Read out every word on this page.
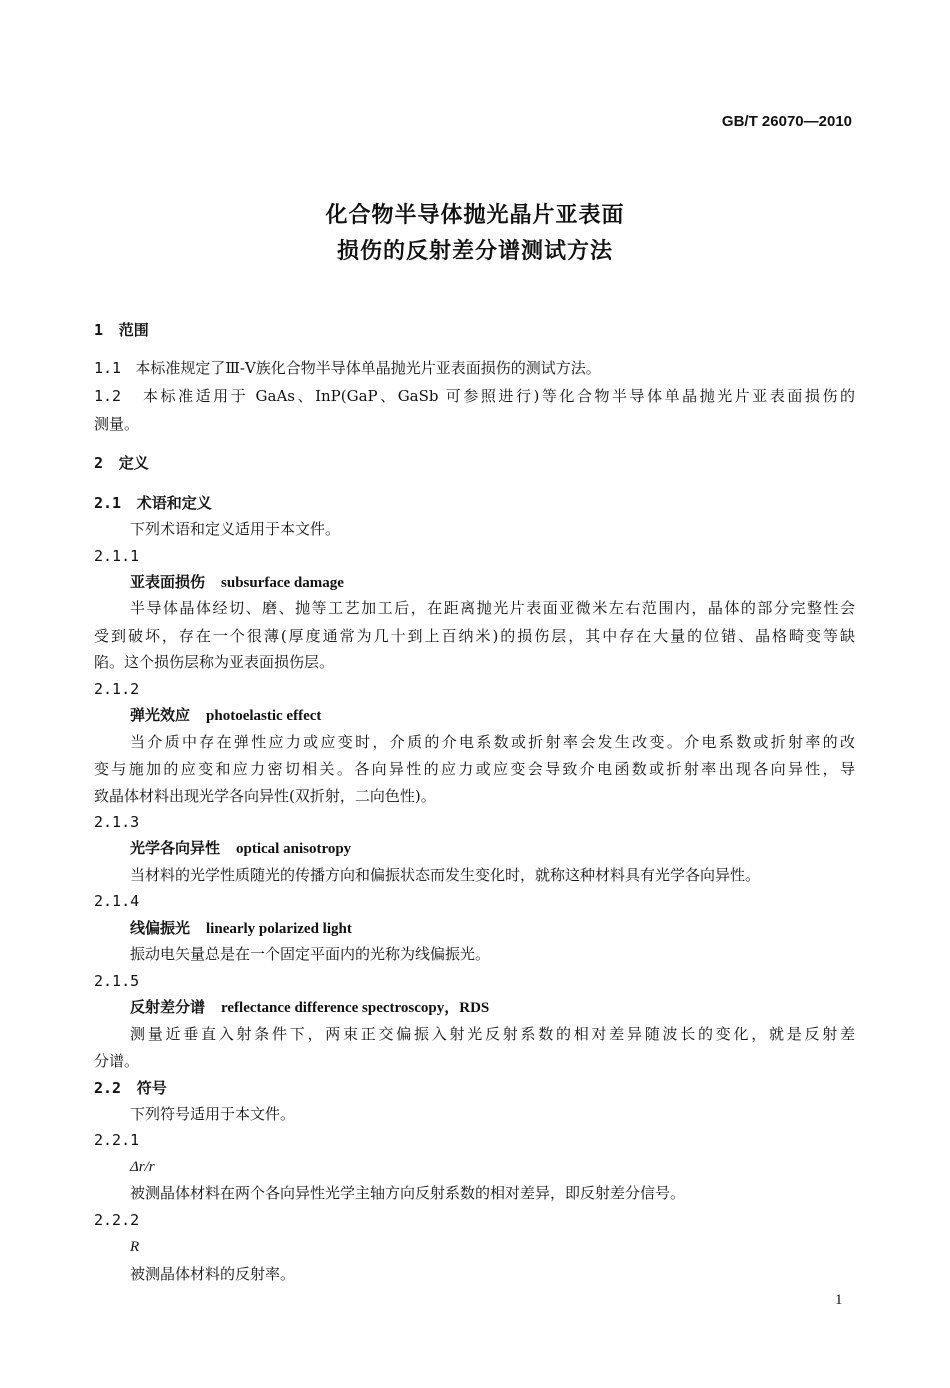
GB/T 26070—2010
化合物半导体抛光晶片亚表面
损伤的反射差分谱测试方法
1 范围
1.1 本标准规定了Ⅲ-Ⅴ族化合物半导体单晶抛光片亚表面损伤的测试方法。
1.2 本标准适用于 GaAs、InP(GaP、GaSb 可参照进行)等化合物半导体单晶抛光片亚表面损伤的
测量。
2 定义
2.1 术语和定义
下列术语和定义适用于本文件。
2.1.1
亚表面损伤 subsurface damage
半导体晶体经切、磨、抛等工艺加工后，在距离抛光片表面亚微米左右范围内，晶体的部分完整性会
受到破坏，存在一个很薄(厚度通常为几十到上百纳米)的损伤层，其中存在大量的位错、晶格畸变等缺
陷。这个损伤层称为亚表面损伤层。
2.1.2
弹光效应 photoelastic effect
当介质中存在弹性应力或应变时，介质的介电系数或折射率会发生改变。介电系数或折射率的改
变与施加的应变和应力密切相关。各向异性的应力或应变会导致介电函数或折射率出现各向异性，导
致晶体材料出现光学各向异性(双折射，二向色性)。
2.1.3
光学各向异性 optical anisotropy
当材料的光学性质随光的传播方向和偏振状态而发生变化时，就称这种材料具有光学各向异性。
2.1.4
线偏振光 linearly polarized light
振动电矢量总是在一个固定平面内的光称为线偏振光。
2.1.5
反射差分谱 reflectance difference spectroscopy，RDS
测量近垂直入射条件下，两束正交偏振入射光反射系数的相对差异随波长的变化，就是反射差
分谱。
2.2 符号
下列符号适用于本文件。
2.2.1
Δr/r
被测晶体材料在两个各向异性光学主轴方向反射系数的相对差异，即反射差分信号。
2.2.2
R
被测晶体材料的反射率。
1
